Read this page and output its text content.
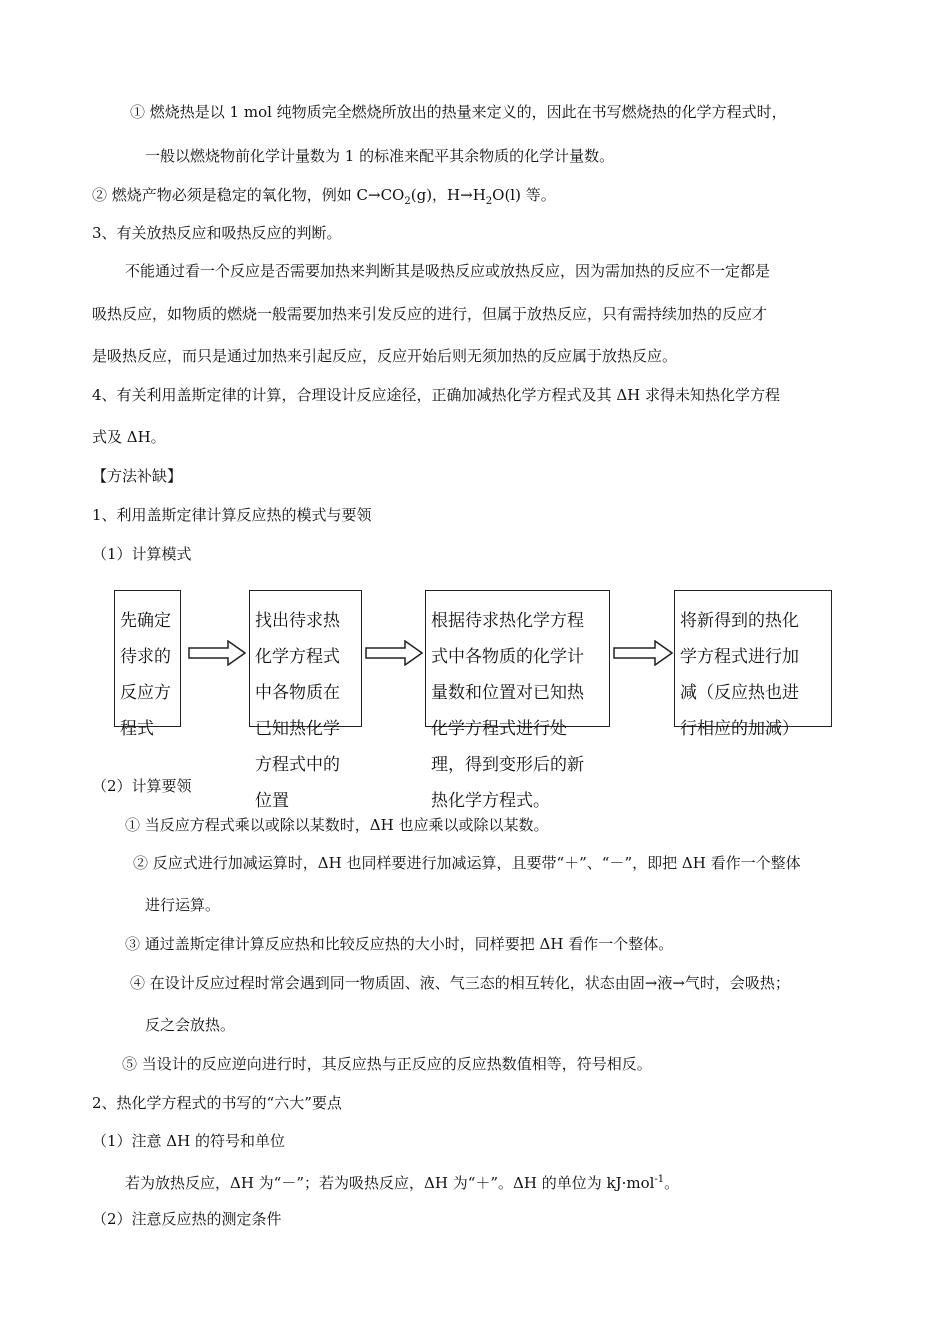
① 燃烧热是以 1 mol 纯物质完全燃烧所放出的热量来定义的，因此在书写燃烧热的化学方程式时，
一般以燃烧物前化学计量数为 1 的标准来配平其余物质的化学计量数。
② 燃烧产物必须是稳定的氧化物，例如 $C\to CO_2(g)$，$H\to H_2O(l)$ 等。
3、有关放热反应和吸热反应的判断。
不能通过看一个反应是否需要加热来判断其是吸热反应或放热反应，因为需加热的反应不一定都是
吸热反应，如物质的燃烧一般需要加热来引发反应的进行，但属于放热反应，只有需持续加热的反应才
是吸热反应，而只是通过加热来引起反应，反应开始后则无须加热的反应属于放热反应。
4、有关利用盖斯定律的计算，合理设计反应途径，正确加减热化学方程式及其 ΔH 求得未知热化学方程
式及 ΔH。
【方法补缺】
1、利用盖斯定律计算反应热的模式与要领
（1）计算模式
先确定
待求的
反应方
程式
找出待求热
化学方程式
中各物质在
已知热化学
方程式中的
位置
根据待求热化学方程
式中各物质的化学计
量数和位置对已知热
化学方程式进行处
理，得到变形后的新
热化学方程式。
将新得到的热化
学方程式进行加
减（反应热也进
行相应的加减）
（2）计算要领
① 当反应方程式乘以或除以某数时，ΔH 也应乘以或除以某数。
② 反应式进行加减运算时，ΔH 也同样要进行加减运算，且要带“＋”、“－”，即把 ΔH 看作一个整体
进行运算。
③ 通过盖斯定律计算反应热和比较反应热的大小时，同样要把 ΔH 看作一个整体。
④ 在设计反应过程时常会遇到同一物质固、液、气三态的相互转化，状态由固→液→气时，会吸热；
反之会放热。
⑤ 当设计的反应逆向进行时，其反应热与正反应的反应热数值相等，符号相反。
2、热化学方程式的书写的“六大”要点
（1）注意 ΔH 的符号和单位
若为放热反应，ΔH 为“－”；若为吸热反应，ΔH 为“＋”。ΔH 的单位为 kJ·mol$^{-1}$。
（2）注意反应热的测定条件
